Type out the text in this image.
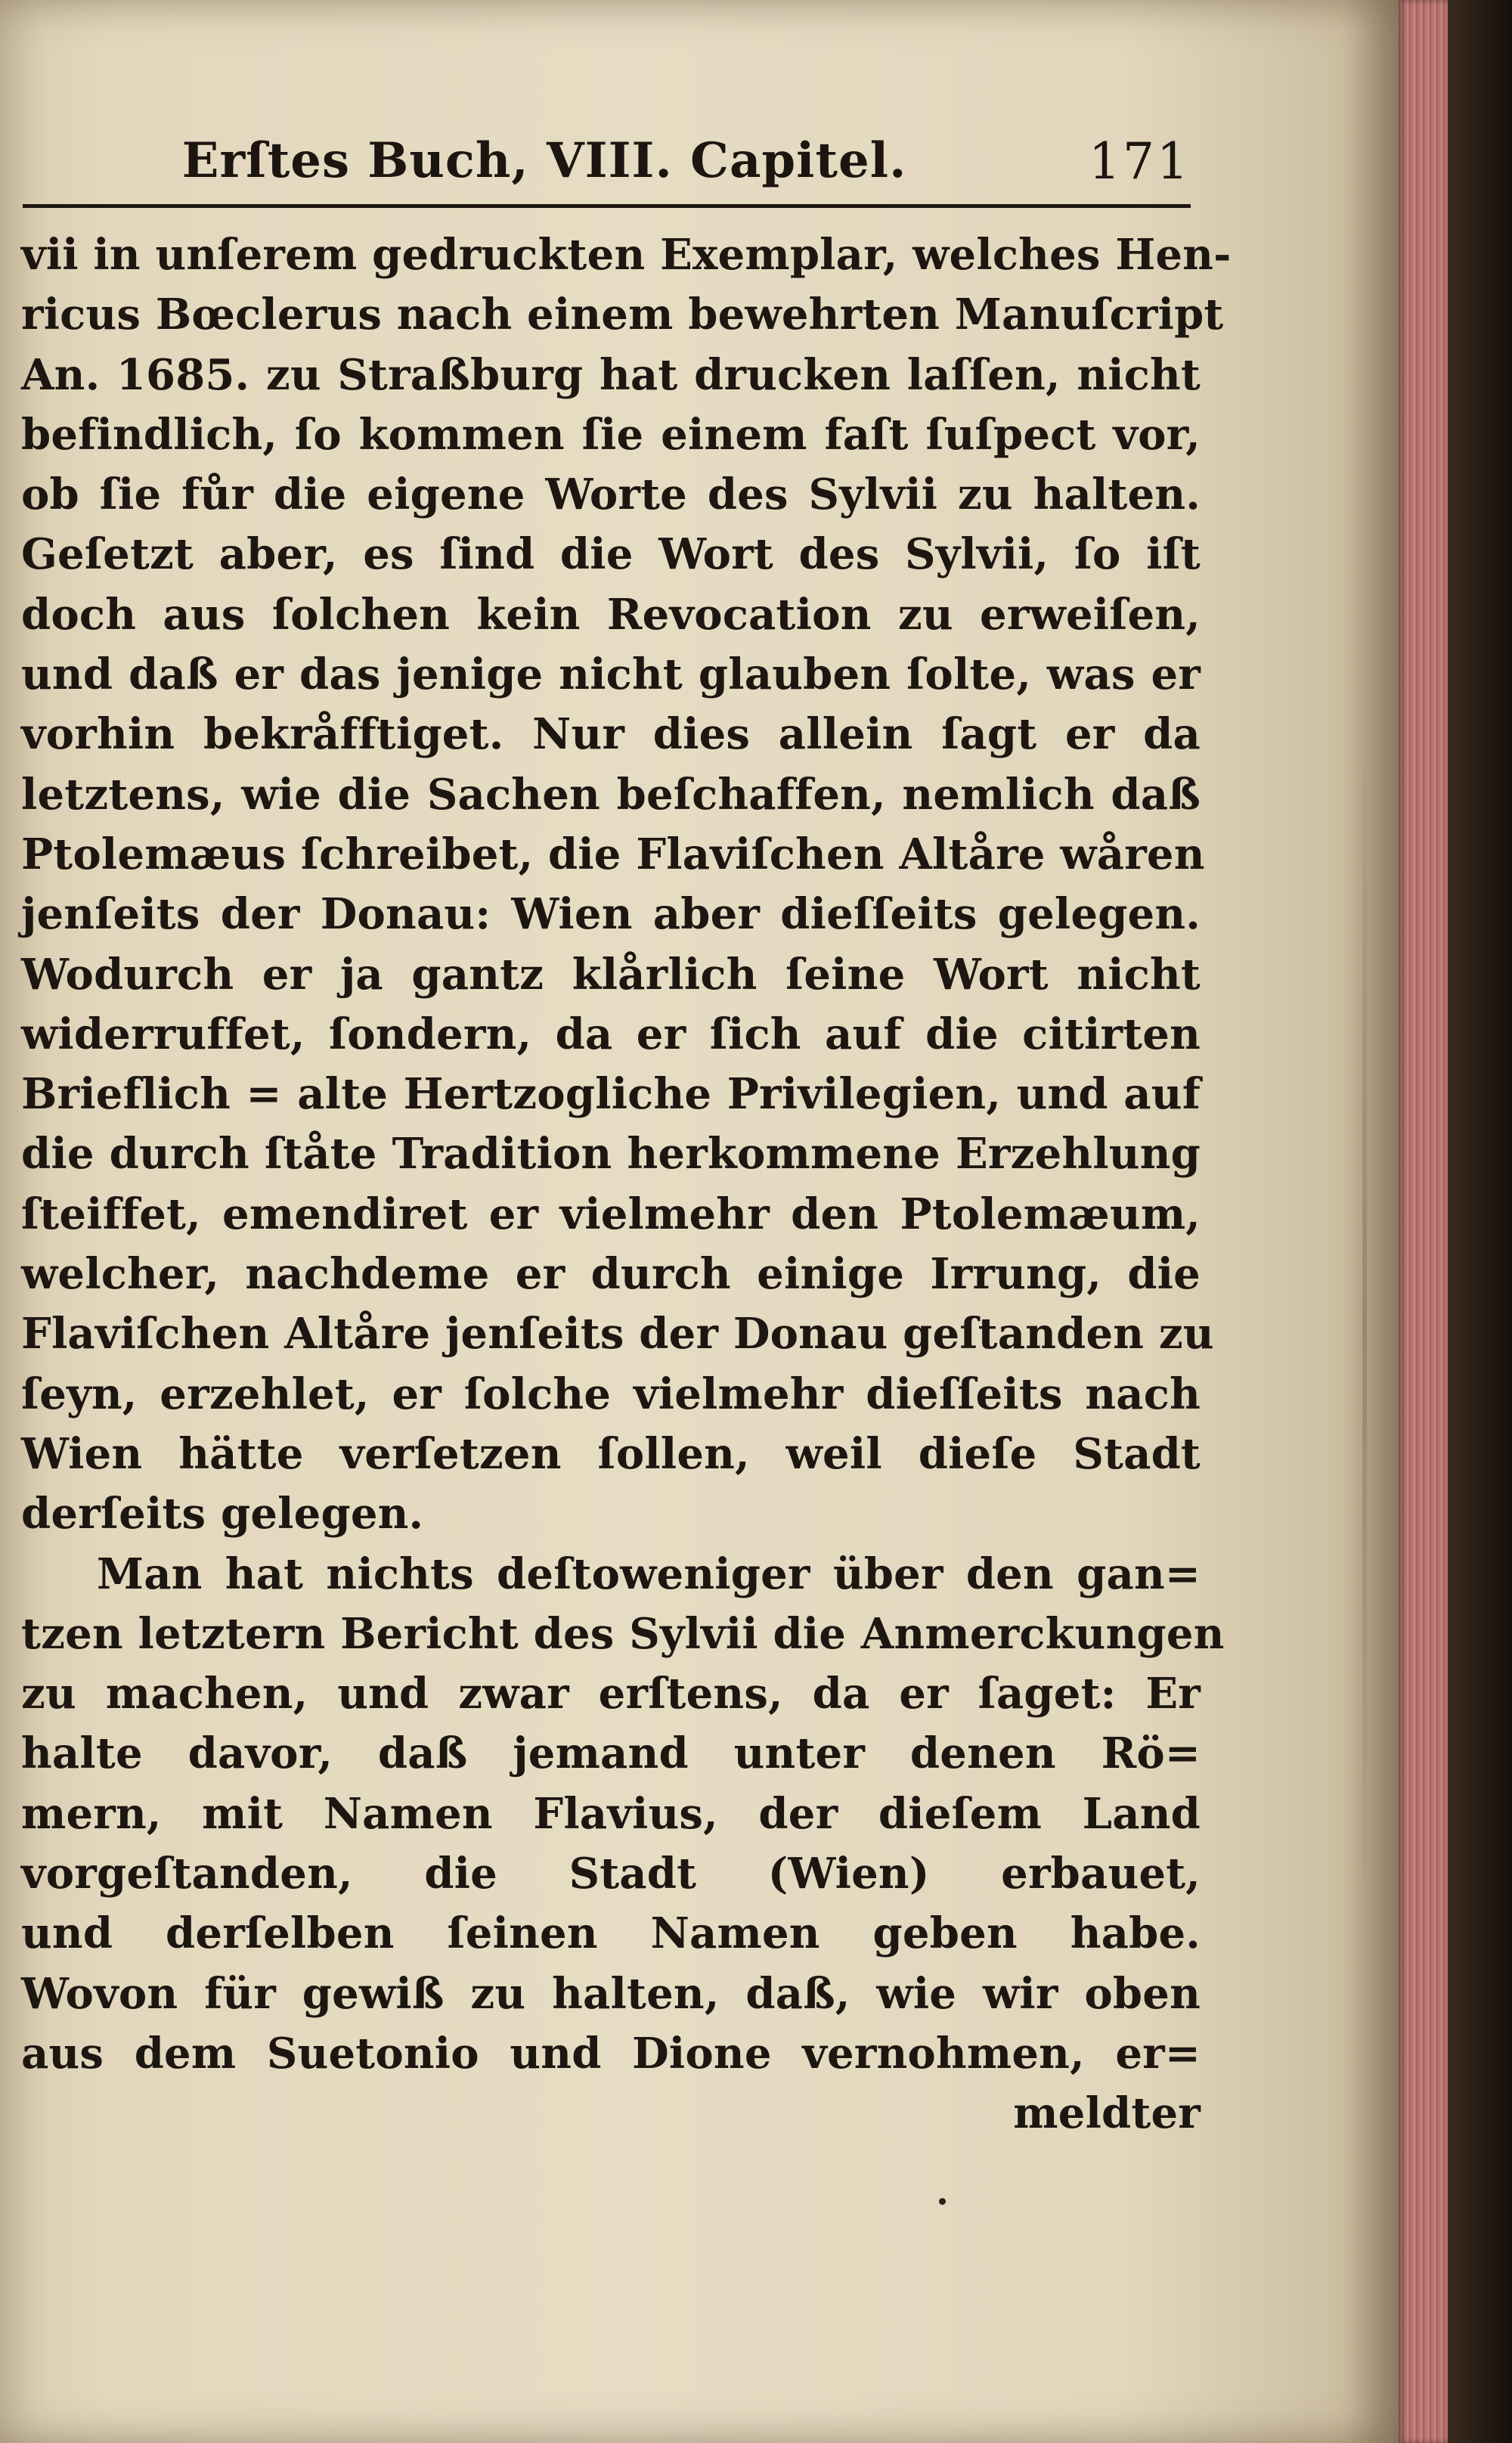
Erſtes Buch, VIII. Capitel.	171
vii in unſerem gedruckten Exemplar, welches Hen-
ricus Bœclerus nach einem bewehrten Manuſcript
An. 1685. zu Straßburg hat drucken laſſen, nicht
befindlich, ſo kommen ſie einem faſt ſuſpect vor,
ob ſie fůr die eigene Worte des Sylvii zu halten.
Geſetzt aber, es ſind die Wort des Sylvii, ſo iſt
doch aus ſolchen kein Revocation zu erweiſen,
und daß er das jenige nicht glauben ſolte, was er
vorhin bekråfftiget. Nur dies allein ſagt er da
letztens, wie die Sachen beſchaffen, nemlich daß
Ptolemæus ſchreibet, die Flaviſchen Altåre wåren
jenſeits der Donau: Wien aber dieſſeits gelegen.
Wodurch er ja gantz klårlich ſeine Wort nicht
widerruffet, ſondern, da er ſich auf die citirten
Brieflich = alte Hertzogliche Privilegien, und auf
die durch ſtåte Tradition herkommene Erzehlung
ſteiffet, emendiret er vielmehr den Ptolemæum,
welcher, nachdeme er durch einige Irrung, die
Flaviſchen Altåre jenſeits der Donau geſtanden zu
ſeyn, erzehlet, er ſolche vielmehr dieſſeits nach
Wien hätte verſetzen ſollen, weil dieſe Stadt
derſeits gelegen.
Man hat nichts deſtoweniger über den gan=
tzen letztern Bericht des Sylvii die Anmerckungen
zu machen, und zwar erſtens, da er ſaget: Er
halte davor, daß jemand unter denen Rö=
mern, mit Namen Flavius, der dieſem Land
vorgeſtanden, die Stadt (Wien) erbauet,
und derſelben ſeinen Namen geben habe.
Wovon für gewiß zu halten, daß, wie wir oben
aus dem Suetonio und Dione vernohmen, er=
meldter
